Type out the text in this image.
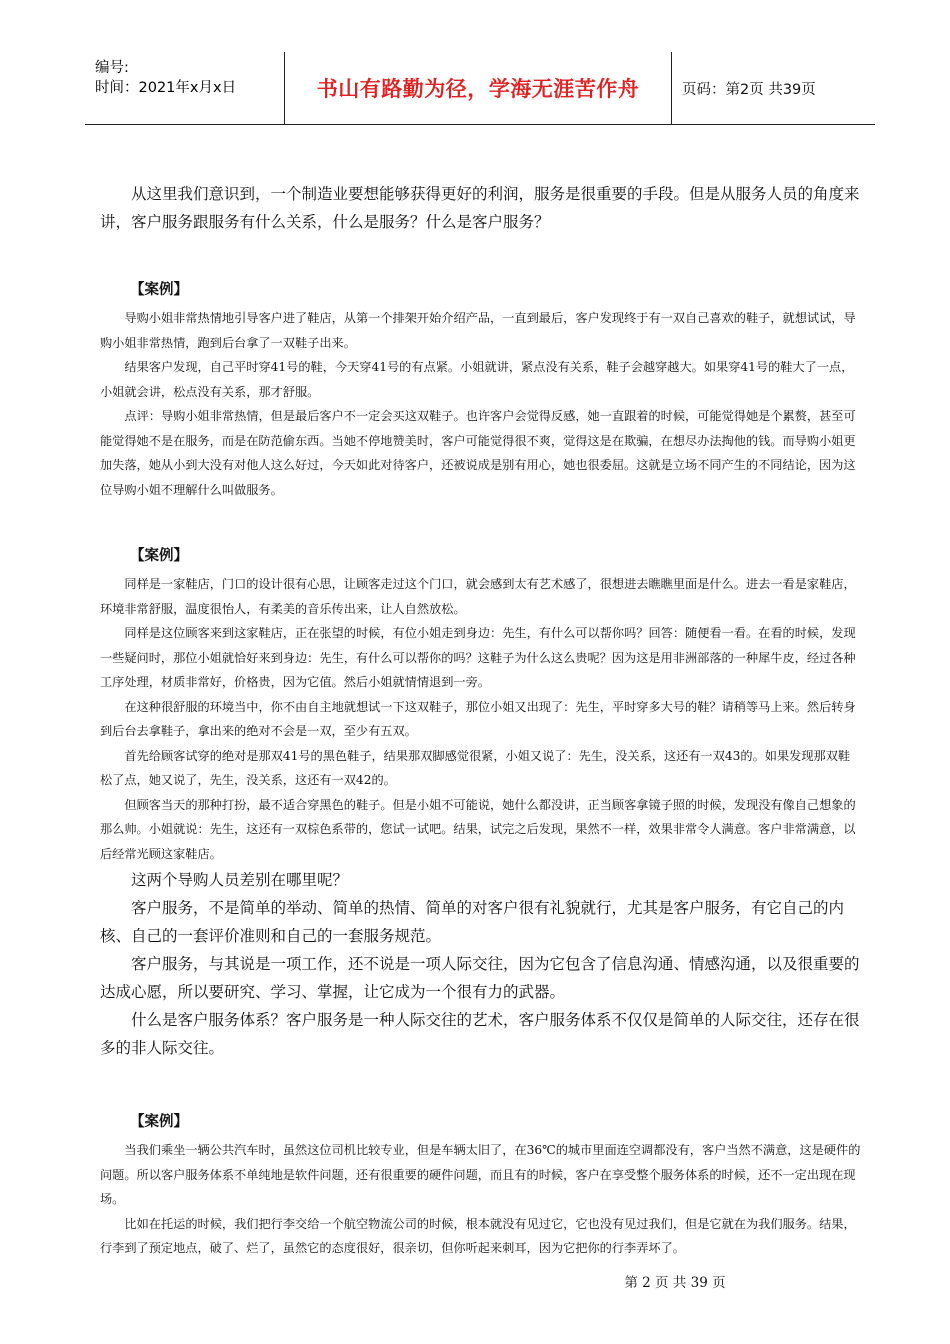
编号:
时间：2021年x月x日	书山有路勤为径，学海无涯苦作舟	页码：第2页 共39页

从这里我们意识到，一个制造业要想能够获得更好的利润，服务是很重要的手段。但是从服务人员的角度来讲，客户服务跟服务有什么关系，什么是服务？什么是客户服务？

【案例】

导购小姐非常热情地引导客户进了鞋店，从第一个排架开始介绍产品，一直到最后，客户发现终于有一双自己喜欢的鞋子，就想试试，导购小姐非常热情，跑到后台拿了一双鞋子出来。

结果客户发现，自己平时穿41号的鞋，今天穿41号的有点紧。小姐就讲，紧点没有关系，鞋子会越穿越大。如果穿41号的鞋大了一点，小姐就会讲，松点没有关系，那才舒服。

点评：导购小姐非常热情，但是最后客户不一定会买这双鞋子。也许客户会觉得反感，她一直跟着的时候，可能觉得她是个累赘，甚至可能觉得她不是在服务，而是在防范偷东西。当她不停地赞美时，客户可能觉得很不爽，觉得这是在欺骗，在想尽办法掏他的钱。而导购小姐更加失落，她从小到大没有对他人这么好过，今天如此对待客户，还被说成是别有用心，她也很委屈。这就是立场不同产生的不同结论，因为这位导购小姐不理解什么叫做服务。

【案例】

同样是一家鞋店，门口的设计很有心思，让顾客走过这个门口，就会感到太有艺术感了，很想进去瞧瞧里面是什么。进去一看是家鞋店，环境非常舒服，温度很怡人，有柔美的音乐传出来，让人自然放松。

同样是这位顾客来到这家鞋店，正在张望的时候，有位小姐走到身边：先生，有什么可以帮你吗？回答：随便看一看。在看的时候，发现一些疑问时，那位小姐就恰好来到身边：先生，有什么可以帮你的吗？这鞋子为什么这么贵呢？因为这是用非洲部落的一种犀牛皮，经过各种工序处理，材质非常好，价格贵，因为它值。然后小姐就情情退到一旁。

在这种很舒服的环境当中，你不由自主地就想试一下这双鞋子，那位小姐又出现了：先生，平时穿多大号的鞋？请稍等马上来。然后转身到后台去拿鞋子，拿出来的绝对不会是一双，至少有五双。

首先给顾客试穿的绝对是那双41号的黑色鞋子，结果那双脚感觉很紧，小姐又说了：先生，没关系，这还有一双43的。如果发现那双鞋松了点，她又说了，先生，没关系，这还有一双42的。

但顾客当天的那种打扮，最不适合穿黑色的鞋子。但是小姐不可能说，她什么都没讲，正当顾客拿镜子照的时候，发现没有像自己想象的那么帅。小姐就说：先生，这还有一双棕色系带的，您试一试吧。结果，试完之后发现，果然不一样，效果非常令人满意。客户非常满意，以后经常光顾这家鞋店。

这两个导购人员差别在哪里呢？

客户服务，不是简单的举动、简单的热情、简单的对客户很有礼貌就行，尤其是客户服务，有它自己的内核、自己的一套评价准则和自己的一套服务规范。

客户服务，与其说是一项工作，还不说是一项人际交往，因为它包含了信息沟通、情感沟通，以及很重要的达成心愿，所以要研究、学习、掌握，让它成为一个很有力的武器。

什么是客户服务体系？客户服务是一种人际交往的艺术，客户服务体系不仅仅是简单的人际交往，还存在很多的非人际交往。

【案例】

当我们乘坐一辆公共汽车时，虽然这位司机比较专业，但是车辆太旧了，在36℃的城市里面连空调都没有，客户当然不满意，这是硬件的问题。所以客户服务体系不单纯地是软件问题，还有很重要的硬件问题，而且有的时候，客户在享受整个服务体系的时候，还不一定出现在现场。

比如在托运的时候，我们把行李交给一个航空物流公司的时候，根本就没有见过它，它也没有见过我们，但是它就在为我们服务。结果，行李到了预定地点，破了、烂了，虽然它的态度很好，很亲切，但你听起来刺耳，因为它把你的行李弄坏了。

第 2 页 共 39 页
